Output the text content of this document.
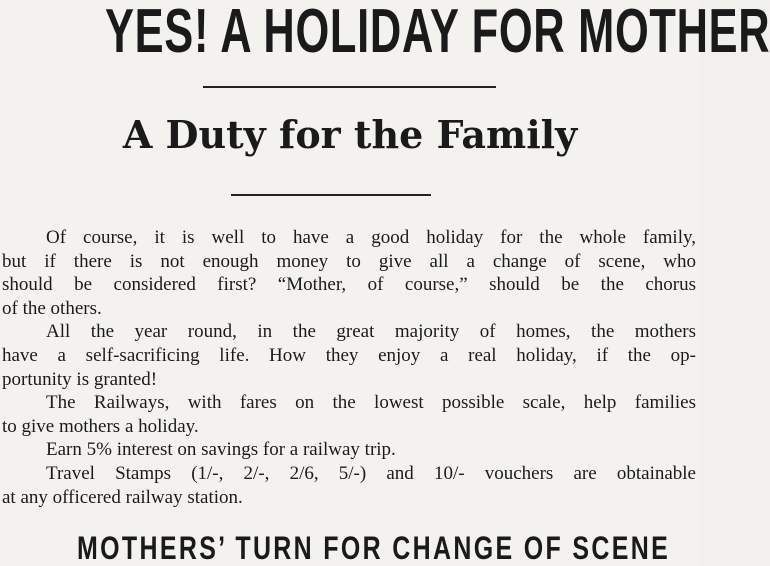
YES! A HOLIDAY FOR MOTHER
A Duty for the Family
Of course, it is well to have a good holiday for the whole family,
but if there is not enough money to give all a change of scene, who
should be considered first? “Mother, of course,” should be the chorus
of the others.
All the year round, in the great majority of homes, the mothers
have a self-sacrificing life. How they enjoy a real holiday, if the op-
portunity is granted!
The Railways, with fares on the lowest possible scale, help families
to give mothers a holiday.
Earn 5% interest on savings for a railway trip.
Travel Stamps (1/-, 2/-, 2/6, 5/-) and 10/- vouchers are obtainable
at any officered railway station.
MOTHERS’ TURN FOR CHANGE OF SCENE
